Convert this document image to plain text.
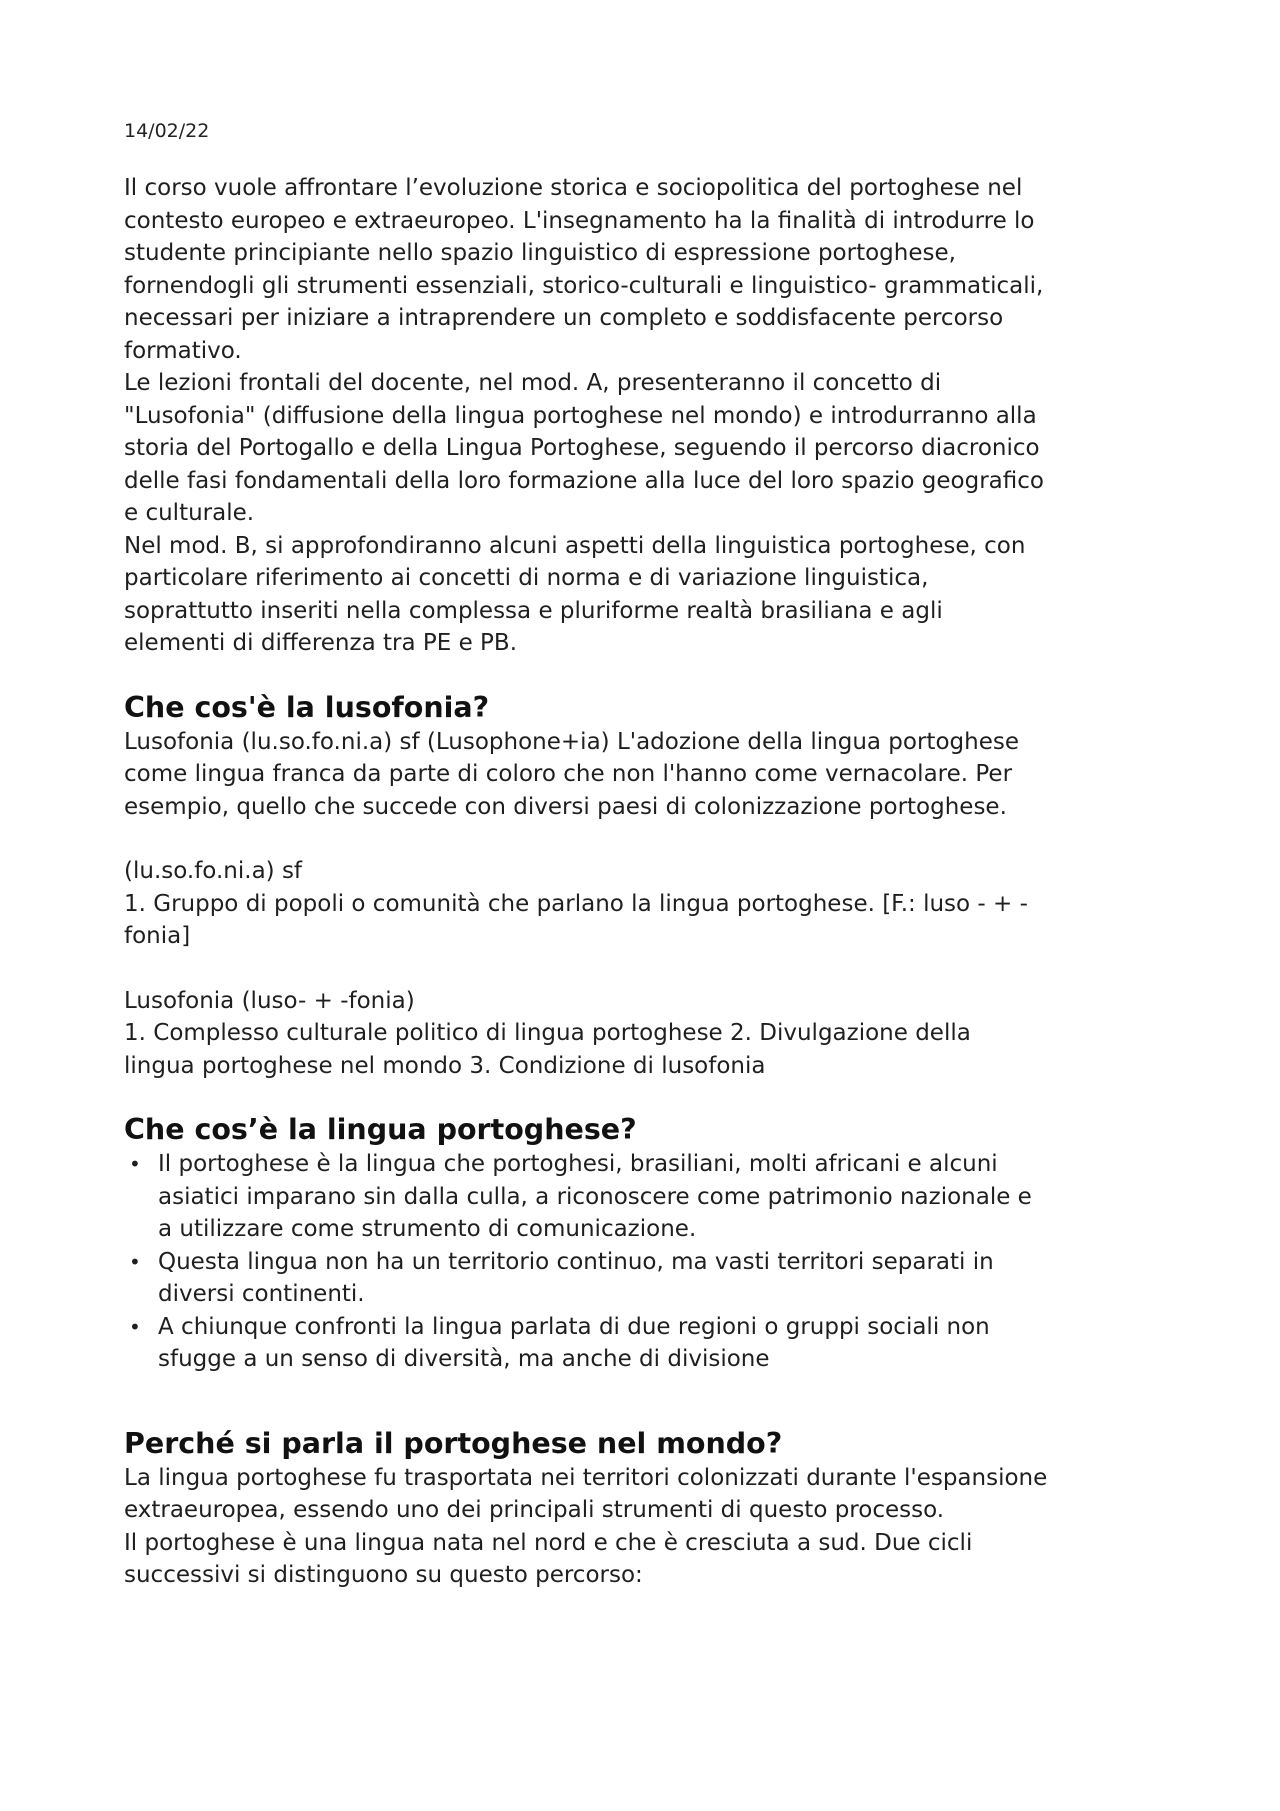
14/02/22
Il corso vuole affrontare l’evoluzione storica e sociopolitica del portoghese nel
contesto europeo e extraeuropeo. L'insegnamento ha la finalità di introdurre lo
studente principiante nello spazio linguistico di espressione portoghese,
fornendogli gli strumenti essenziali, storico-culturali e linguistico- grammaticali,
necessari per iniziare a intraprendere un completo e soddisfacente percorso
formativo.
Le lezioni frontali del docente, nel mod. A, presenteranno il concetto di
"Lusofonia" (diffusione della lingua portoghese nel mondo) e introdurranno alla
storia del Portogallo e della Lingua Portoghese, seguendo il percorso diacronico
delle fasi fondamentali della loro formazione alla luce del loro spazio geografico
e culturale.
Nel mod. B, si approfondiranno alcuni aspetti della linguistica portoghese, con
particolare riferimento ai concetti di norma e di variazione linguistica,
soprattutto inseriti nella complessa e pluriforme realtà brasiliana e agli
elementi di differenza tra PE e PB.
Che cos'è la lusofonia?
Lusofonia (lu.so.fo.ni.a) sf (Lusophone+ia) L'adozione della lingua portoghese
come lingua franca da parte di coloro che non l'hanno come vernacolare. Per
esempio, quello che succede con diversi paesi di colonizzazione portoghese.
(lu.so.fo.ni.a) sf
1. Gruppo di popoli o comunità che parlano la lingua portoghese. [F.: luso - + -
fonia]
Lusofonia (luso- + -fonia)
1. Complesso culturale politico di lingua portoghese 2. Divulgazione della
lingua portoghese nel mondo 3. Condizione di lusofonia
Che cos’è la lingua portoghese?
• Il portoghese è la lingua che portoghesi, brasiliani, molti africani e alcuni
asiatici imparano sin dalla culla, a riconoscere come patrimonio nazionale e
a utilizzare come strumento di comunicazione.
• Questa lingua non ha un territorio continuo, ma vasti territori separati in
diversi continenti.
• A chiunque confronti la lingua parlata di due regioni o gruppi sociali non
sfugge a un senso di diversità, ma anche di divisione
Perché si parla il portoghese nel mondo?
La lingua portoghese fu trasportata nei territori colonizzati durante l'espansione
extraeuropea, essendo uno dei principali strumenti di questo processo.
Il portoghese è una lingua nata nel nord e che è cresciuta a sud. Due cicli
successivi si distinguono su questo percorso:
